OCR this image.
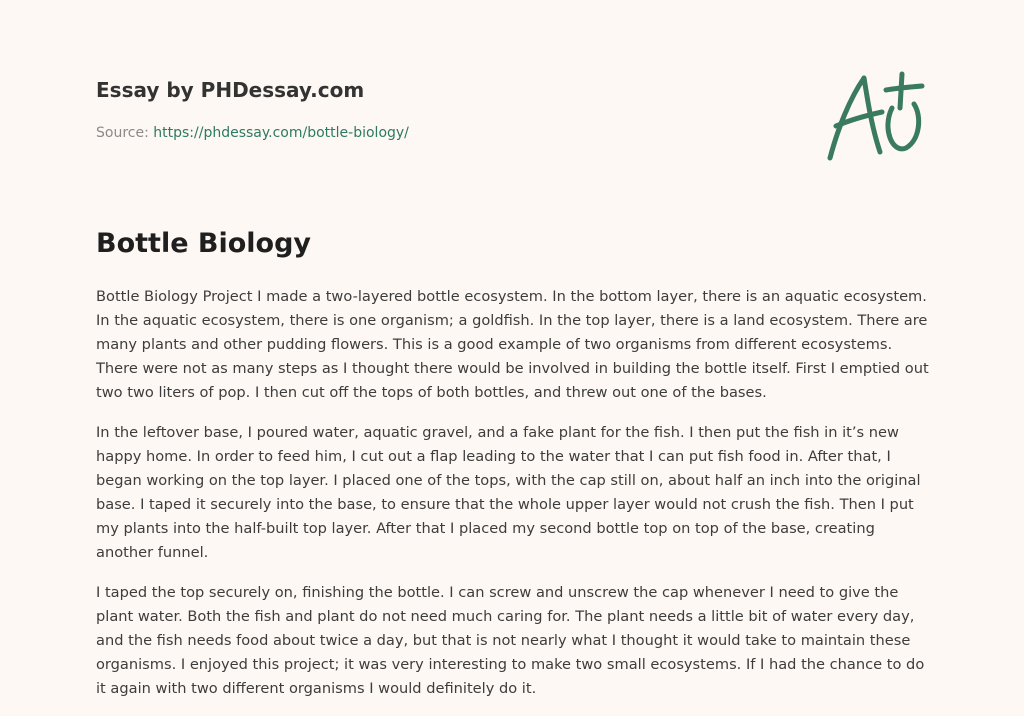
Essay by PHDessay.com
Source: https://phdessay.com/bottle-biology/
Bottle Biology

Bottle Biology Project I made a two-layered bottle ecosystem. In the bottom layer, there is an aquatic ecosystem. In the aquatic ecosystem, there is one organism; a goldfish. In the top layer, there is a land ecosystem. There are many plants and other pudding flowers. This is a good example of two organisms from different ecosystems. There were not as many steps as I thought there would be involved in building the bottle itself. First I emptied out two two liters of pop. I then cut off the tops of both bottles, and threw out one of the bases.

In the leftover base, I poured water, aquatic gravel, and a fake plant for the fish. I then put the fish in it’s new happy home. In order to feed him, I cut out a flap leading to the water that I can put fish food in. After that, I began working on the top layer. I placed one of the tops, with the cap still on, about half an inch into the original base. I taped it securely into the base, to ensure that the whole upper layer would not crush the fish. Then I put my plants into the half-built top layer. After that I placed my second bottle top on top of the base, creating another funnel.

I taped the top securely on, finishing the bottle. I can screw and unscrew the cap whenever I need to give the plant water. Both the fish and plant do not need much caring for. The plant needs a little bit of water every day, and the fish needs food about twice a day, but that is not nearly what I thought it would take to maintain these organisms. I enjoyed this project; it was very interesting to make two small ecosystems. If I had the chance to do it again with two different organisms I would definitely do it.
